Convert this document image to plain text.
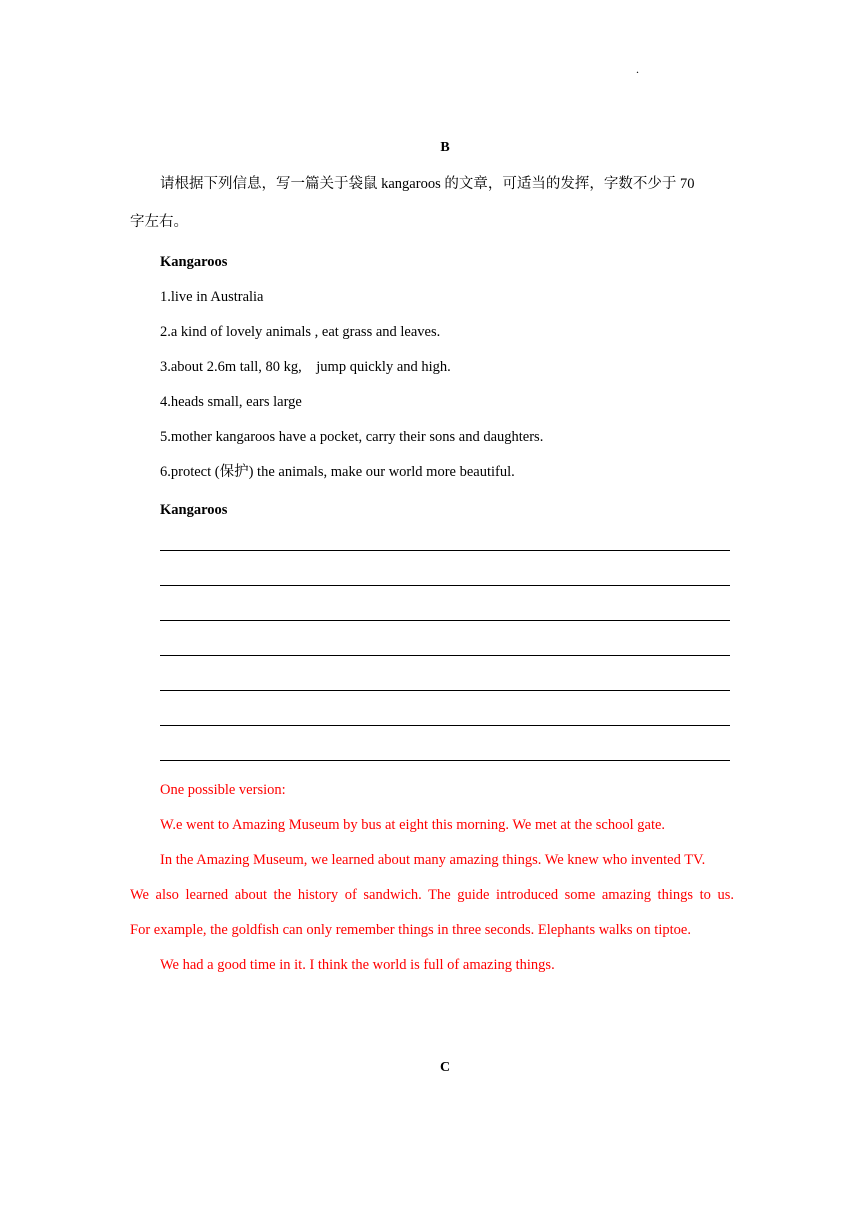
.
B
请根据下列信息，写一篇关于袋鼠 kangaroos 的文章，可适当的发挥，字数不少于 70
字左右。
Kangaroos
1.live in Australia
2.a kind of lovely animals , eat grass and leaves.
3.about 2.6m tall, 80 kg,    jump quickly and high.
4.heads small, ears large
5.mother kangaroos have a pocket, carry their sons and daughters.
6.protect (保护) the animals, make our world more beautiful.
Kangaroos
One possible version:
W.e went to Amazing Museum by bus at eight this morning. We met at the school gate.
In the Amazing Museum, we learned about many amazing things. We knew who invented TV.
We also learned about the history of sandwich. The guide introduced some amazing things to us.
For example, the goldfish can only remember things in three seconds. Elephants walks on tiptoe.
We had a good time in it. I think the world is full of amazing things.
C
